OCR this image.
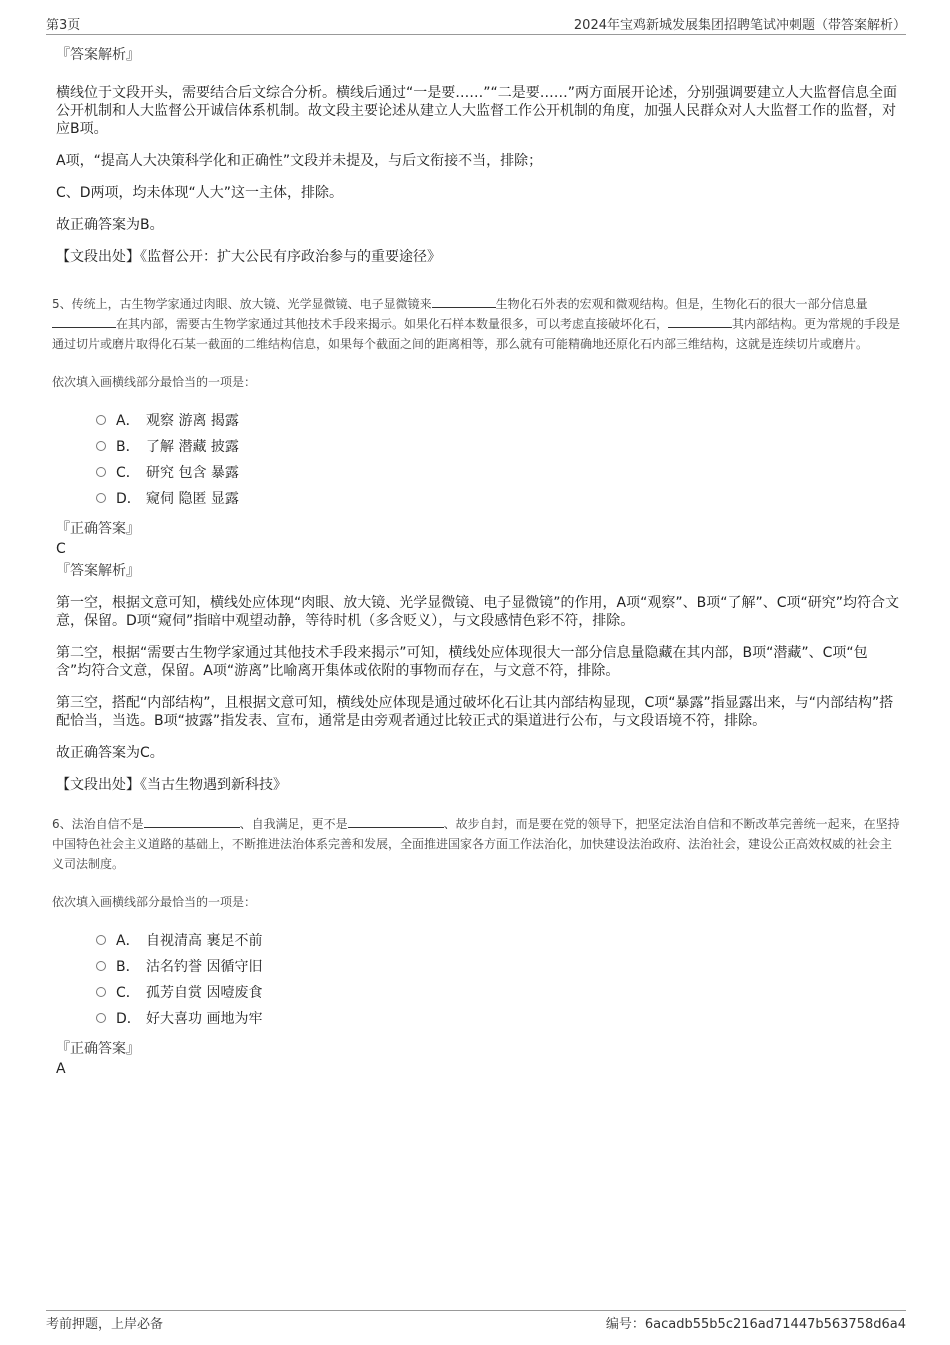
第3页	2024年宝鸡新城发展集团招聘笔试冲刺题（带答案解析）

『答案解析』

横线位于文段开头，需要结合后文综合分析。横线后通过“一是要……”“二是要……”两方面展开论述，分别强调要建立人大监督信息全面公开机制和人大监督公开诚信体系机制。故文段主要论述从建立人大监督工作公开机制的角度，加强人民群众对人大监督工作的监督，对应B项。

A项，“提高人大决策科学化和正确性”文段并未提及，与后文衔接不当，排除；

C、D两项，均未体现“人大”这一主体，排除。

故正确答案为B。

【文段出处】《监督公开：扩大公民有序政治参与的重要途径》

5、传统上，古生物学家通过肉眼、放大镜、光学显微镜、电子显微镜来	生物化石外表的宏观和微观结构。但是，生物化石的很大一部分信息量在其内部，需要古生物学家通过其他技术手段来揭示。如果化石样本数量很多，可以考虑直接破坏化石，	其内部结构。更为常规的手段是通过切片或磨片取得化石某一截面的二维结构信息，如果每个截面之间的距离相等，那么就有可能精确地还原化石内部三维结构，这就是连续切片或磨片。

依次填入画横线部分最恰当的一项是：

A． 观察 游离 揭露
B． 了解 潜藏 披露
C． 研究 包含 暴露
D． 窥伺 隐匿 显露

『正确答案』

C

『答案解析』

第一空，根据文意可知，横线处应体现“肉眼、放大镜、光学显微镜、电子显微镜”的作用，A项“观察”、B项“了解”、C项“研究”均符合文意，保留。D项“窥伺”指暗中观望动静，等待时机（多含贬义），与文段感情色彩不符，排除。

第二空，根据“需要古生物学家通过其他技术手段来揭示”可知，横线处应体现很大一部分信息量隐藏在其内部，B项“潜藏”、C项“包含”均符合文意，保留。A项“游离”比喻离开集体或依附的事物而存在，与文意不符，排除。

第三空，搭配“内部结构”，且根据文意可知，横线处应体现是通过破坏化石让其内部结构显现，C项“暴露”指显露出来，与“内部结构”搭配恰当，当选。B项“披露”指发表、宣布，通常是由旁观者通过比较正式的渠道进行公布，与文段语境不符，排除。

故正确答案为C。

【文段出处】《当古生物遇到新科技》

6、法治自信不是	、自我满足，更不是	、故步自封，而是要在党的领导下，把坚定法治自信和不断改革完善统一起来，在坚持中国特色社会主义道路的基础上，不断推进法治体系完善和发展，全面推进国家各方面工作法治化，加快建设法治政府、法治社会，建设公正高效权威的社会主义司法制度。

依次填入画横线部分最恰当的一项是：

A． 自视清高 裹足不前
B． 沽名钓誉 因循守旧
C． 孤芳自赏 因噎废食
D． 好大喜功 画地为牢

『正确答案』

A

考前押题，上岸必备	编号：6acadb55b5c216ad71447b563758d6a4
